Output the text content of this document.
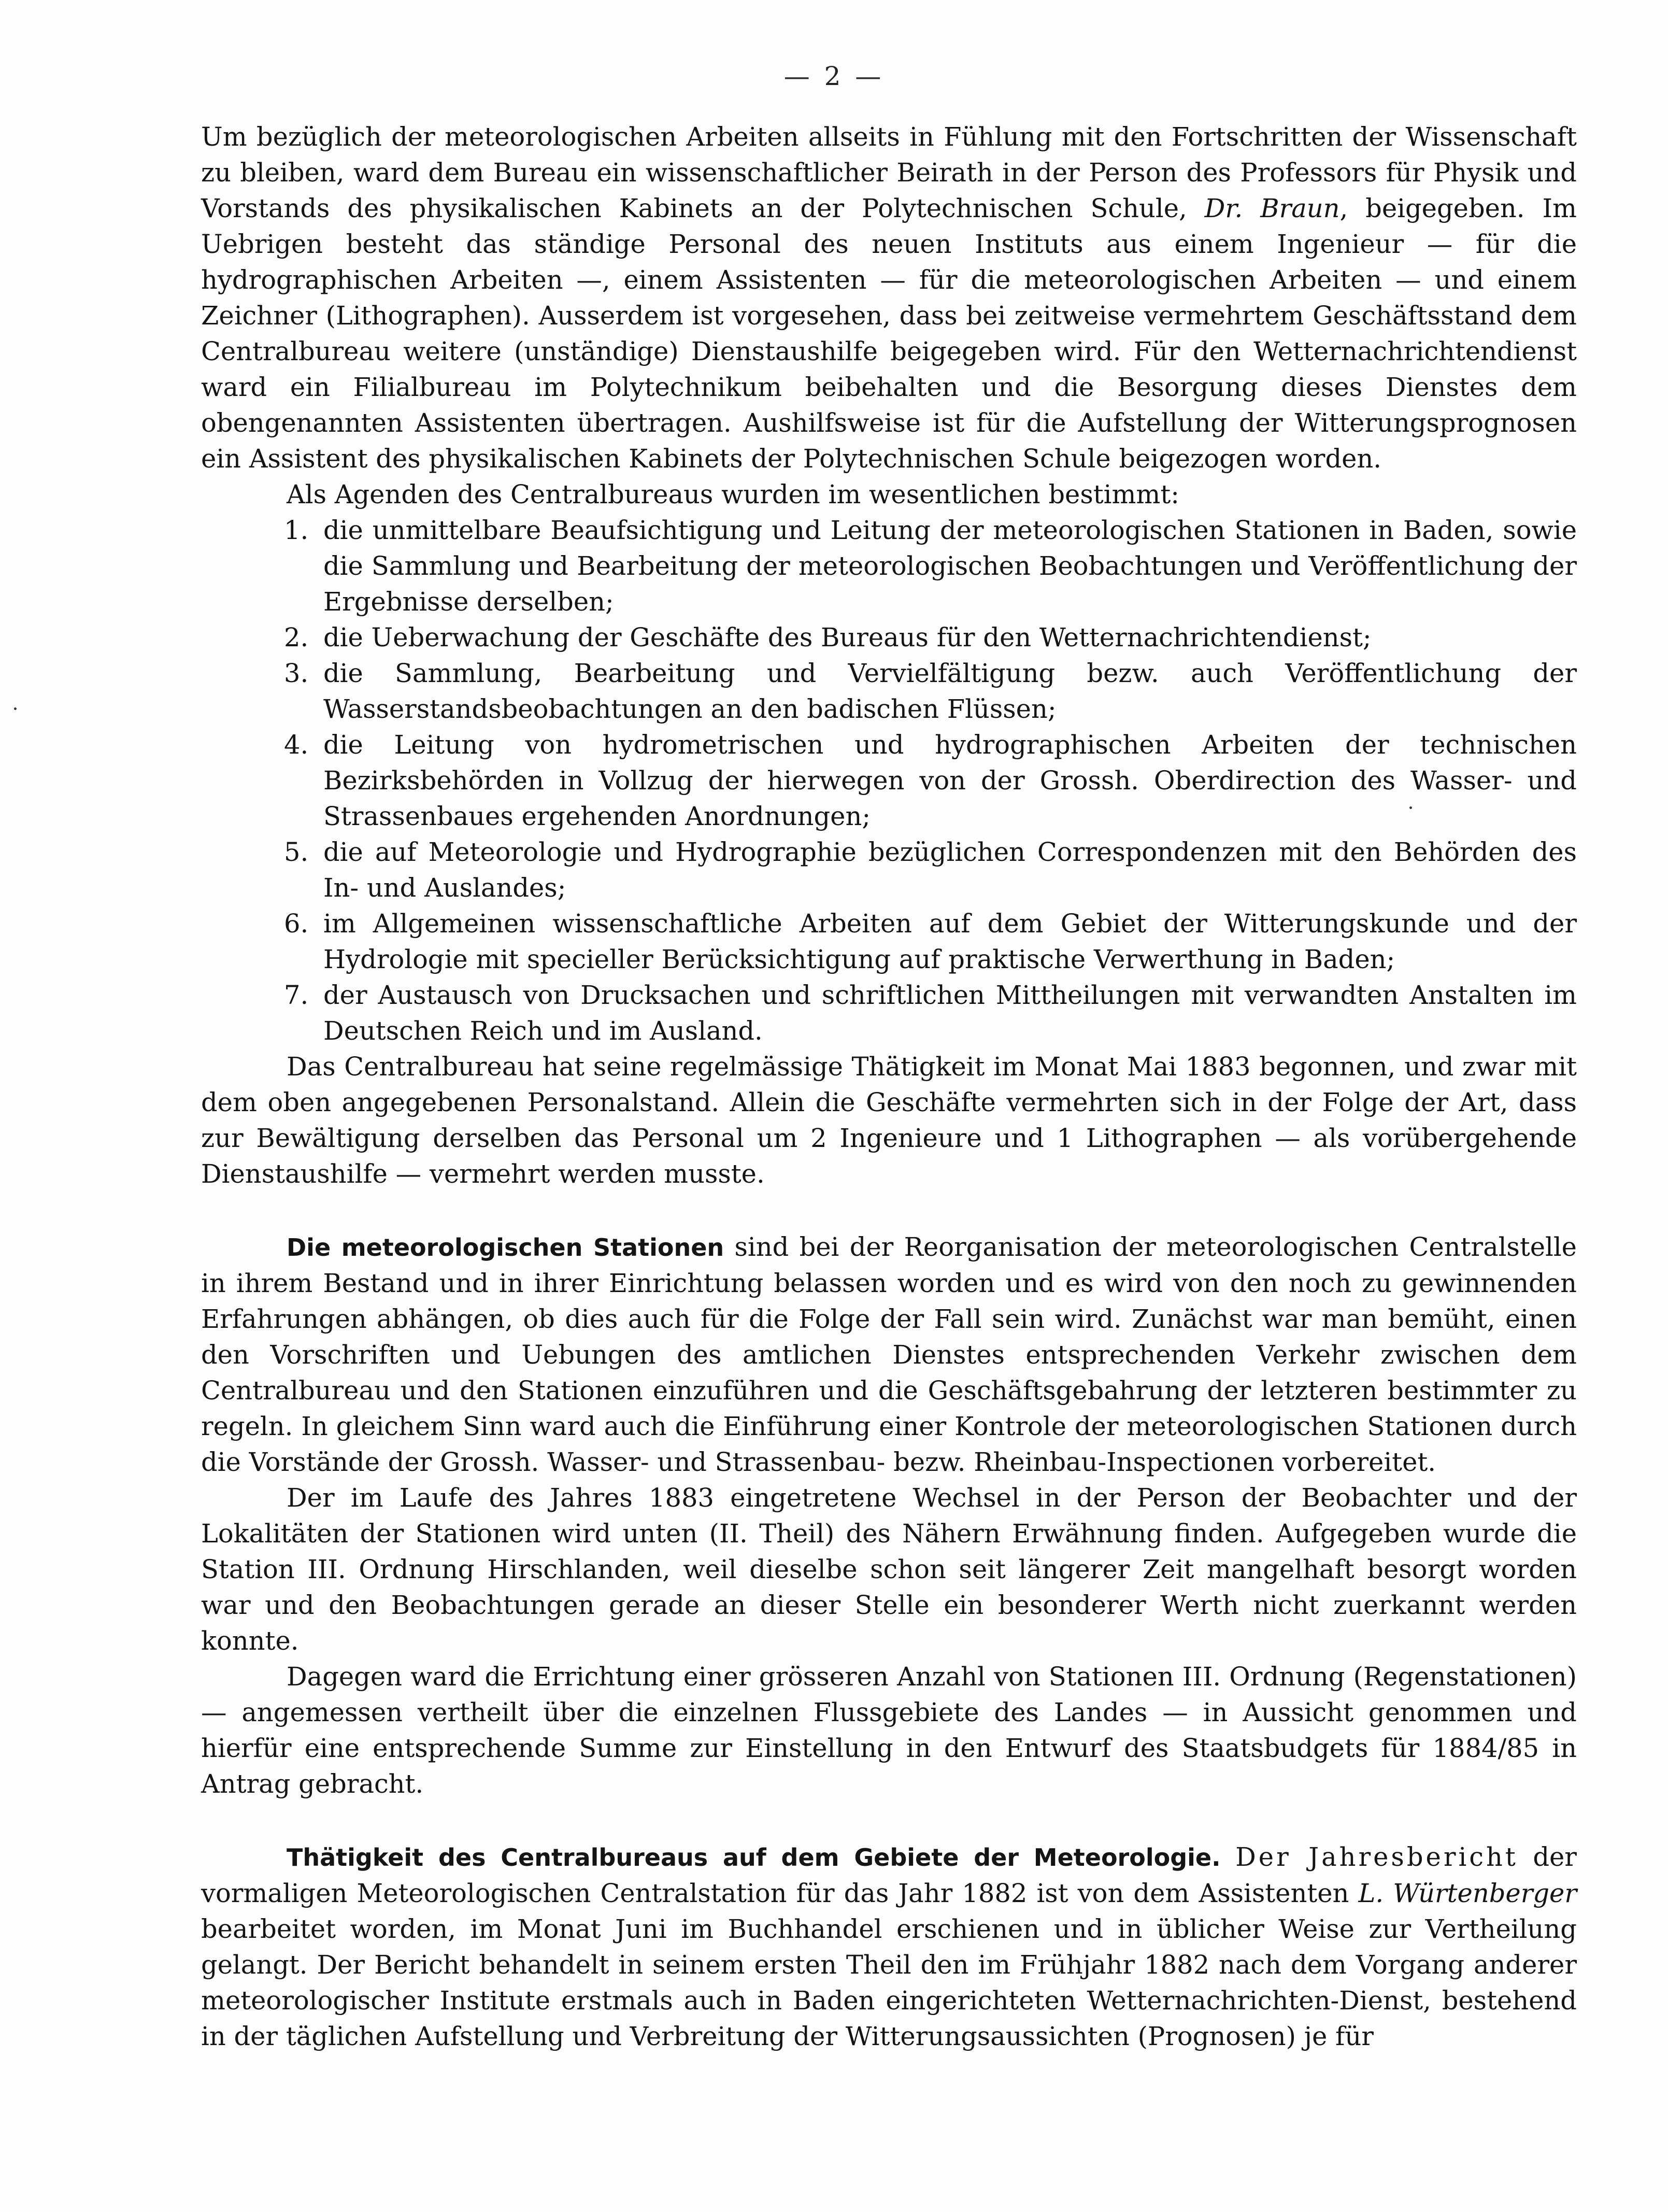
— 2 —

Um bezüglich der meteorologischen Arbeiten allseits in Fühlung mit den Fortschritten der Wissenschaft zu bleiben, ward dem Bureau ein wissenschaftlicher Beirath in der Person des Professors für Physik und Vorstands des physikalischen Kabinets an der Polytechnischen Schule, Dr. Braun, beigegeben. Im Uebrigen besteht das ständige Personal des neuen Instituts aus einem Ingenieur — für die hydrographischen Arbeiten —, einem Assistenten — für die meteorologischen Arbeiten — und einem Zeichner (Lithographen). Ausserdem ist vorgesehen, dass bei zeitweise vermehrtem Geschäftsstand dem Centralbureau weitere (unständige) Dienstaushilfe beigegeben wird. Für den Wetternachrichtendienst ward ein Filialbureau im Polytechnikum beibehalten und die Besorgung dieses Dienstes dem obengenannten Assistenten übertragen. Aushilfsweise ist für die Aufstellung der Witterungsprognosen ein Assistent des physikalischen Kabinets der Polytechnischen Schule beigezogen worden.

Als Agenden des Centralbureaus wurden im wesentlichen bestimmt:

1. die unmittelbare Beaufsichtigung und Leitung der meteorologischen Stationen in Baden, sowie die Sammlung und Bearbeitung der meteorologischen Beobachtungen und Veröffentlichung der Ergebnisse derselben;
2. die Ueberwachung der Geschäfte des Bureaus für den Wetternachrichtendienst;
3. die Sammlung, Bearbeitung und Vervielfältigung bezw. auch Veröffentlichung der Wasserstandsbeobachtungen an den badischen Flüssen;
4. die Leitung von hydrometrischen und hydrographischen Arbeiten der technischen Bezirksbehörden in Vollzug der hierwegen von der Grossh. Oberdirection des Wasser- und Strassenbaues ergehenden Anordnungen;
5. die auf Meteorologie und Hydrographie bezüglichen Correspondenzen mit den Behörden des In- und Auslandes;
6. im Allgemeinen wissenschaftliche Arbeiten auf dem Gebiet der Witterungskunde und der Hydrologie mit specieller Berücksichtigung auf praktische Verwerthung in Baden;
7. der Austausch von Drucksachen und schriftlichen Mittheilungen mit verwandten Anstalten im Deutschen Reich und im Ausland.

Das Centralbureau hat seine regelmässige Thätigkeit im Monat Mai 1883 begonnen, und zwar mit dem oben angegebenen Personalstand. Allein die Geschäfte vermehrten sich in der Folge der Art, dass zur Bewältigung derselben das Personal um 2 Ingenieure und 1 Lithographen — als vorübergehende Dienstaushilfe — vermehrt werden musste.

Die meteorologischen Stationen sind bei der Reorganisation der meteorologischen Centralstelle in ihrem Bestand und in ihrer Einrichtung belassen worden und es wird von den noch zu gewinnenden Erfahrungen abhängen, ob dies auch für die Folge der Fall sein wird. Zunächst war man bemüht, einen den Vorschriften und Uebungen des amtlichen Dienstes entsprechenden Verkehr zwischen dem Centralbureau und den Stationen einzuführen und die Geschäftsgebahrung der letzteren bestimmter zu regeln. In gleichem Sinn ward auch die Einführung einer Kontrole der meteorologischen Stationen durch die Vorstände der Grossh. Wasser- und Strassenbau- bezw. Rheinbau-Inspectionen vorbereitet.

Der im Laufe des Jahres 1883 eingetretene Wechsel in der Person der Beobachter und der Lokalitäten der Stationen wird unten (II. Theil) des Nähern Erwähnung finden. Aufgegeben wurde die Station III. Ordnung Hirschlanden, weil dieselbe schon seit längerer Zeit mangelhaft besorgt worden war und den Beobachtungen gerade an dieser Stelle ein besonderer Werth nicht zuerkannt werden konnte.

Dagegen ward die Errichtung einer grösseren Anzahl von Stationen III. Ordnung (Regenstationen) — angemessen vertheilt über die einzelnen Flussgebiete des Landes — in Aussicht genommen und hierfür eine entsprechende Summe zur Einstellung in den Entwurf des Staatsbudgets für 1884/85 in Antrag gebracht.

Thätigkeit des Centralbureaus auf dem Gebiete der Meteorologie. Der Jahresbericht der vormaligen Meteorologischen Centralstation für das Jahr 1882 ist von dem Assistenten L. Würtenberger bearbeitet worden, im Monat Juni im Buchhandel erschienen und in üblicher Weise zur Vertheilung gelangt. Der Bericht behandelt in seinem ersten Theil den im Frühjahr 1882 nach dem Vorgang anderer meteorologischer Institute erstmals auch in Baden eingerichteten Wetternachrichten-Dienst, bestehend in der täglichen Aufstellung und Verbreitung der Witterungsaussichten (Prognosen) je für
